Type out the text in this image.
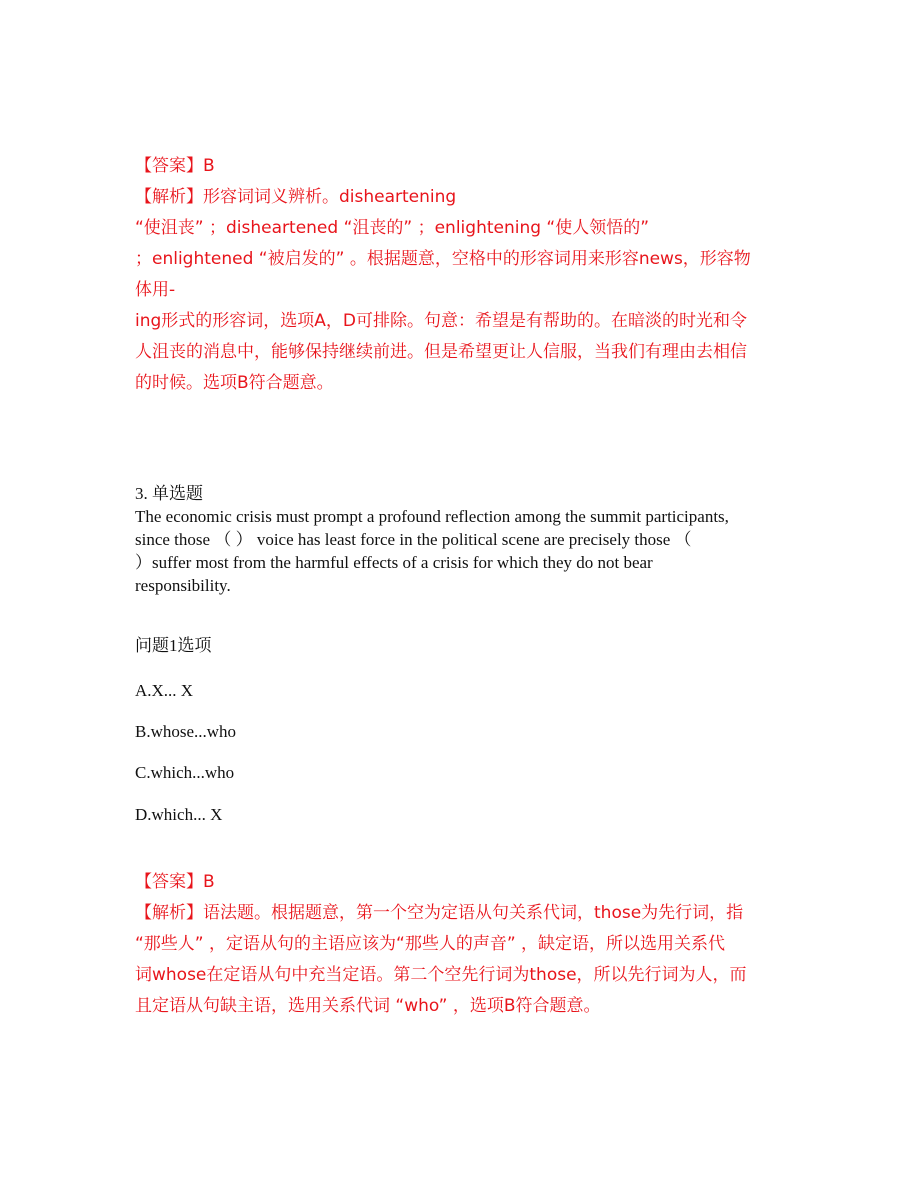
【答案】B
【解析】形容词词义辨析。disheartening
“使沮丧” ；disheartened “沮丧的” ；enlightening “使人领悟的”
；enlightened “被启发的” 。根据题意，空格中的形容词用来形容news，形容物
体用-
ing形式的形容词，选项A，D可排除。句意：希望是有帮助的。在暗淡的时光和令
人沮丧的消息中，能够保持继续前进。但是希望更让人信服，当我们有理由去相信
的时候。选项B符合题意。
3. 单选题
The economic crisis must prompt a profound reflection among the summit participants,
since those （ ） voice has least force in the political scene are precisely those （
）suffer most from the harmful effects of a crisis for which they do not bear
responsibility.
问题1选项
A.X... X
B.whose...who
C.which...who
D.which... X
【答案】B
【解析】语法题。根据题意，第一个空为定语从句关系代词，those为先行词，指
“那些人” ，定语从句的主语应该为“那些人的声音” ，缺定语，所以选用关系代
词whose在定语从句中充当定语。第二个空先行词为those，所以先行词为人，而
且定语从句缺主语，选用关系代词 “who” ，选项B符合题意。
